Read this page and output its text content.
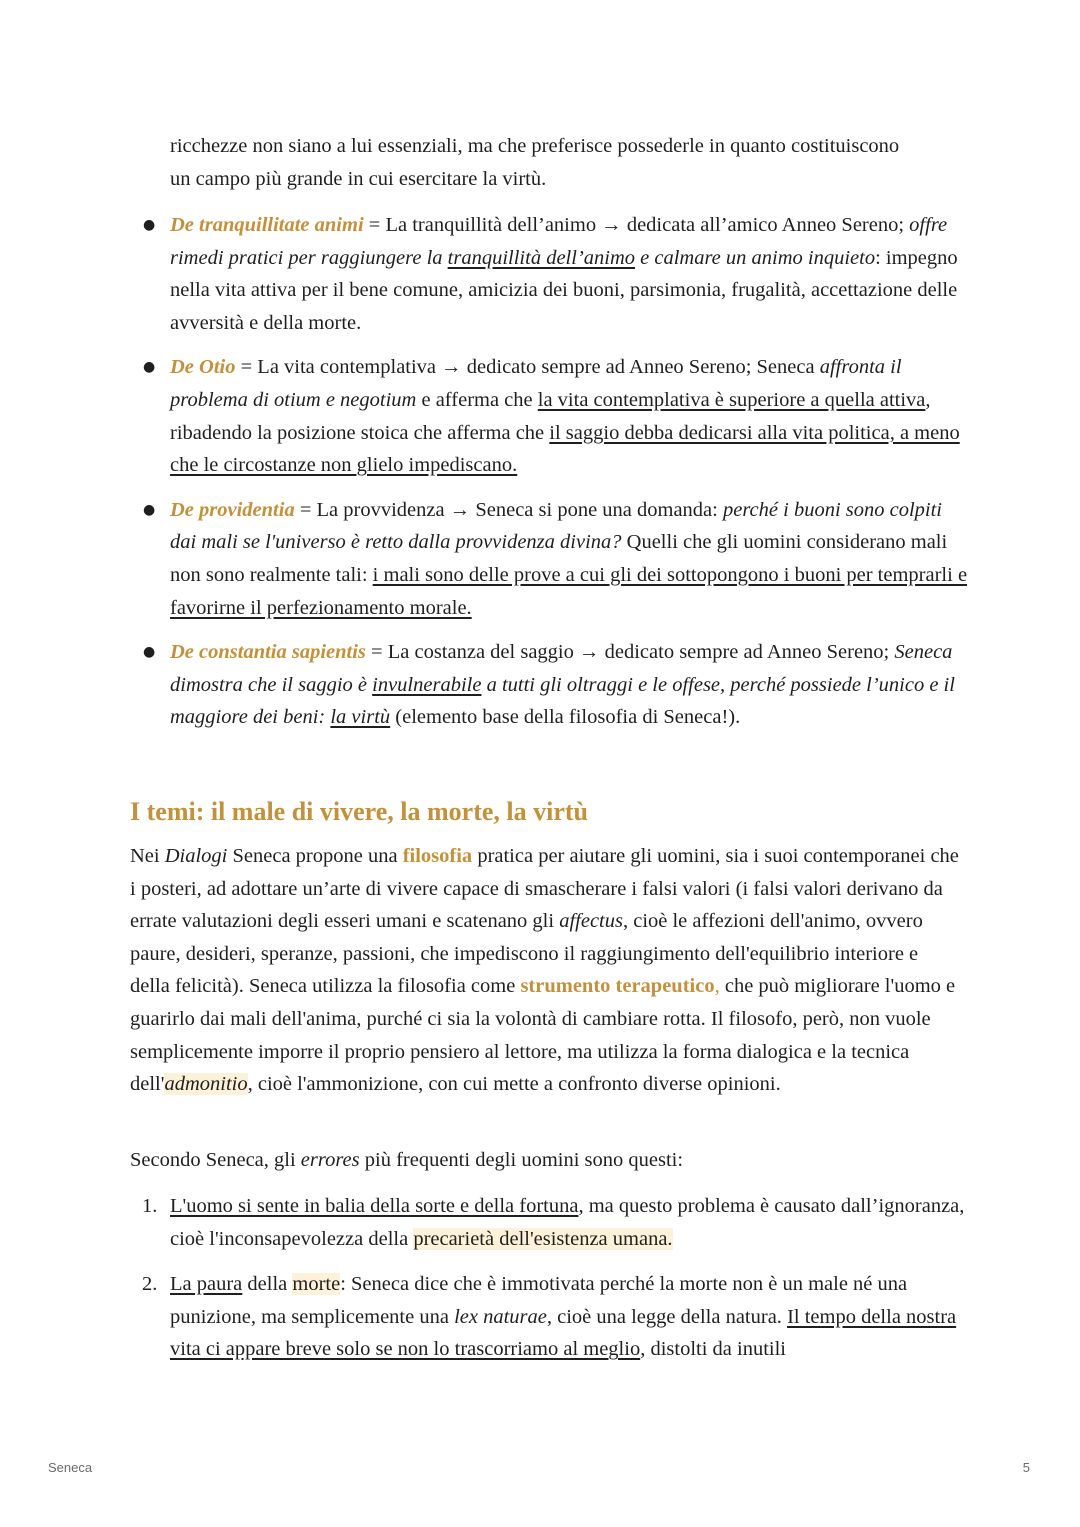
ricchezze non siano a lui essenziali, ma che preferisce possederle in quanto costituiscono
un campo più grande in cui esercitare la virtù.

● De tranquillitate animi = La tranquillità dell’animo → dedicata all’amico Anneo Sereno; offre rimedi pratici per raggiungere la tranquillità dell’animo e calmare un animo inquieto: impegno nella vita attiva per il bene comune, amicizia dei buoni, parsimonia, frugalità, accettazione delle avversità e della morte.
● De Otio = La vita contemplativa → dedicato sempre ad Anneo Sereno; Seneca affronta il problema di otium e negotium e afferma che la vita contemplativa è superiore a quella attiva, ribadendo la posizione stoica che afferma che il saggio debba dedicarsi alla vita politica, a meno che le circostanze non glielo impediscano.
● De providentia = La provvidenza → Seneca si pone una domanda: perché i buoni sono colpiti dai mali se l'universo è retto dalla provvidenza divina? Quelli che gli uomini considerano mali non sono realmente tali: i mali sono delle prove a cui gli dei sottopongono i buoni per temprarli e favorirne il perfezionamento morale.
● De constantia sapientis = La costanza del saggio → dedicato sempre ad Anneo Sereno; Seneca dimostra che il saggio è invulnerabile a tutti gli oltraggi e le offese, perché possiede l’unico e il maggiore dei beni: la virtù (elemento base della filosofia di Seneca!).
I temi: il male di vivere, la morte, la virtù

Nei Dialogi Seneca propone una filosofia pratica per aiutare gli uomini, sia i suoi contemporanei che i posteri, ad adottare un’arte di vivere capace di smascherare i falsi valori (i falsi valori derivano da errate valutazioni degli esseri umani e scatenano gli affectus, cioè le affezioni dell'animo, ovvero paure, desideri, speranze, passioni, che impediscono il raggiungimento dell'equilibrio interiore e della felicità). Seneca utilizza la filosofia come strumento terapeutico, che può migliorare l'uomo e guarirlo dai mali dell'anima, purché ci sia la volontà di cambiare rotta. Il filosofo, però, non vuole semplicemente imporre il proprio pensiero al lettore, ma utilizza la forma dialogica e la tecnica dell'admonitio, cioè l'ammonizione, con cui mette a confronto diverse opinioni.

Secondo Seneca, gli errores più frequenti degli uomini sono questi:

1. L'uomo si sente in balia della sorte e della fortuna, ma questo problema è causato dall’ignoranza, cioè l'inconsapevolezza della precarietà dell'esistenza umana.
2. La paura della morte: Seneca dice che è immotivata perché la morte non è un male né una punizione, ma semplicemente una lex naturae, cioè una legge della natura. Il tempo della nostra vita ci appare breve solo se non lo trascorriamo al meglio, distolti da inutili
Seneca	5
